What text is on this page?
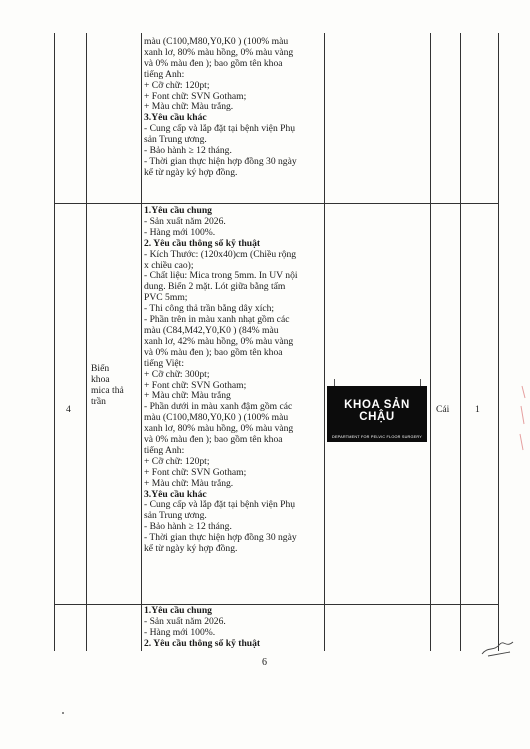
màu (C100,M80,Y0,K0 ) (100% màu
xanh lơ, 80% màu hồng, 0% màu vàng
và 0% màu đen ); bao gồm tên khoa
tiếng Anh:
+ Cỡ chữ: 120pt;
+ Font chữ: SVN Gotham;
+ Màu chữ: Màu trắng.
3.Yêu cầu khác
- Cung cấp và lắp đặt tại bệnh viện Phụ
sản Trung ương.
- Bảo hành ≥ 12 tháng.
- Thời gian thực hiện hợp đồng 30 ngày
kể từ ngày ký hợp đồng.
4
Biển
khoa
mica thả
trần
1.Yêu cầu chung
- Sản xuất năm 2026.
- Hàng mới 100%.
2. Yêu cầu thông số kỹ thuật
- Kích Thước: (120x40)cm (Chiều rộng
x chiều cao);
- Chất liệu: Mica trong 5mm. In UV nội
dung. Biển 2 mặt. Lót giữa bằng tấm
PVC 5mm;
- Thi công thả trần bằng dây xích;
- Phần trên in màu xanh nhạt gồm các
màu (C84,M42,Y0,K0 ) (84% màu
xanh lơ, 42% màu hồng, 0% màu vàng
và 0% màu đen ); bao gồm tên khoa
tiếng Việt:
+ Cỡ chữ: 300pt;
+ Font chữ: SVN Gotham;
+ Màu chữ: Màu trắng
- Phần dưới in màu xanh đậm gồm các
màu (C100,M80,Y0,K0 ) (100% màu
xanh lơ, 80% màu hồng, 0% màu vàng
và 0% màu đen ); bao gồm tên khoa
tiếng Anh:
+ Cỡ chữ: 120pt;
+ Font chữ: SVN Gotham;
+ Màu chữ: Màu trắng.
3.Yêu cầu khác
- Cung cấp và lắp đặt tại bệnh viện Phụ
sản Trung ương.
- Bảo hành ≥ 12 tháng.
- Thời gian thực hiện hợp đồng 30 ngày
kể từ ngày ký hợp đồng.
KHOA SẢN CHẬU
DEPARTMENT FOR PELVIC FLOOR SURGERY
Cái	1
1.Yêu cầu chung
- Sản xuất năm 2026.
- Hàng mới 100%.
2. Yêu cầu thông số kỹ thuật
6
